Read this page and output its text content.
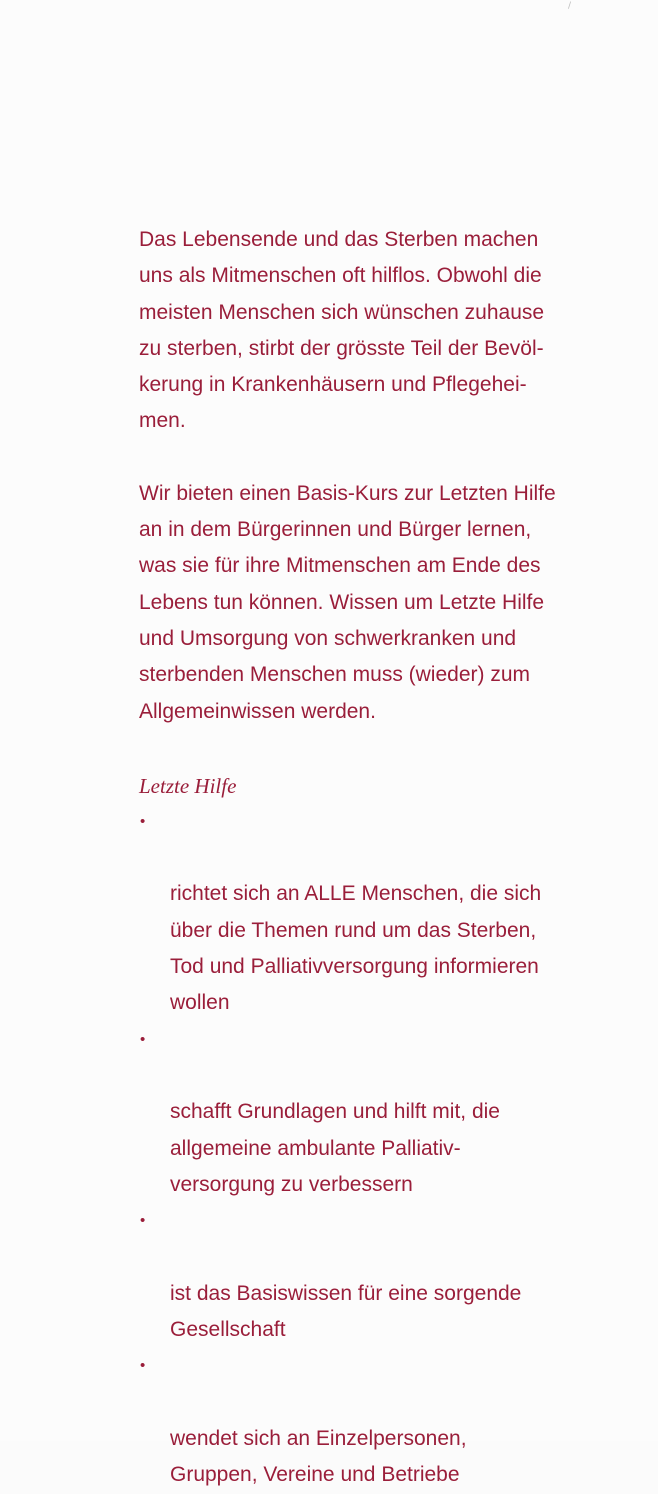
/

Das Lebensende und das Sterben machen
uns als Mitmenschen oft hilflos. Obwohl die
meisten Menschen sich wünschen zuhause
zu sterben, stirbt der grösste Teil der Bevöl-
kerung in Krankenhäusern und Pflegehei-
men.

Wir bieten einen Basis-Kurs zur Letzten Hilfe
an in dem Bürgerinnen und Bürger lernen,
was sie für ihre Mitmenschen am Ende des
Lebens tun können. Wissen um Letzte Hilfe
und Umsorgung von schwerkranken und
sterbenden Menschen muss (wieder) zum
Allgemeinwissen werden.

Letzte Hilfe

•

richtet sich an ALLE Menschen, die sich
über die Themen rund um das Sterben,
Tod und Palliativversorgung informieren
wollen

•

schafft Grundlagen und hilft mit, die
allgemeine ambulante Palliativ-
versorgung zu verbessern

•

ist das Basiswissen für eine sorgende
Gesellschaft

•

wendet sich an Einzelpersonen,
Gruppen, Vereine und Betriebe
